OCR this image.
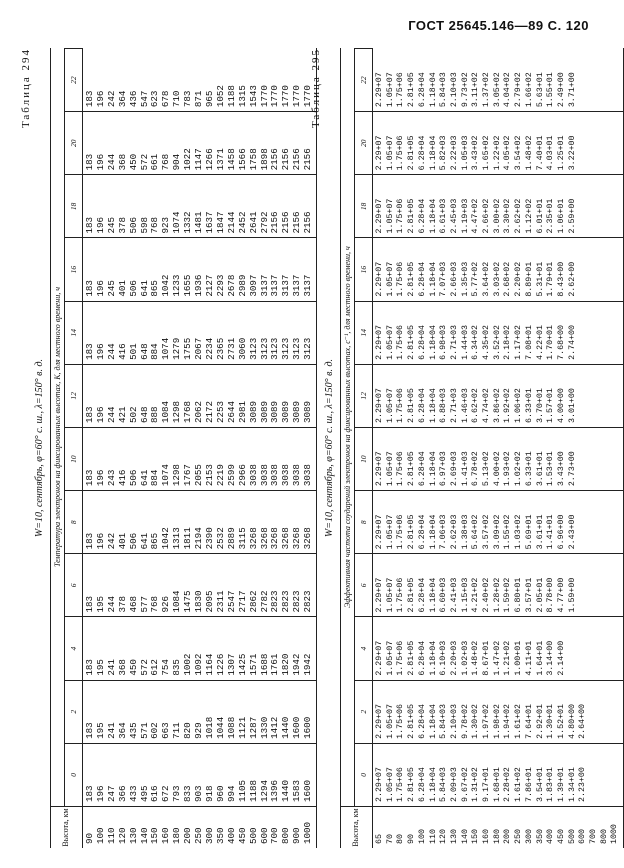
ГОСТ 25645.146—89 С. 120
Таблица 294
W=10, сентябрь, φ=60° с. ш., λ=150° в. д.
Высота, км
Температура электронов на фиксированных высотах, К, для местного времени, ч
0
2
4
6
8
10
12
14
16
18
20
22
90 100 110 120 130 140 150 160 180 200 250 300 350 400 450 500 600 700 800 900 1000
183 196 247 366 433 495 616 672 793 833 903 918 960 994 1105 1188 1294 1396 1440 1583 1600
183 195 241 364 435 571 602 663 711 820 929 1018 1044 1088 1121 1287 1330 1412 1440 1600 1600
183 195 241 368 450 572 612 754 835 1002 1092 1164 1226 1307 1425 1571 1688 1761 1820 1942 1942
183 195 244 378 468 577 768 926 1084 1475 1830 2095 2311 2547 2717 2862 2782 2823 2823 2823 2823
183 196 242 401 506 641 865 1042 1313 1811 2194 2390 2532 2889 3115 3268 3268 3268 3268 3268 3268
183 196 243 416 506 641 884 1074 1298 1767 2055 2153 2219 2599 2966 3038 3038 3038 3038 3038 3038
183 196 244 421 502 648 888 1084 1298 1768 2062 2172 2253 2644 2981 3089 3089 3089 3089 3089 3089
183 196 244 416 501 648 884 1074 1279 1755 2067 2234 2365 2731 3060 3123 3123 3123 3123 3123 3123
183 196 245 401 506 641 865 1042 1233 1655 1936 2127 2293 2678 2989 3097 3137 3137 3137 3137 3137
183 196 245 378 506 598 768 923 1074 1332 1481 1637 1847 2144 2452 2641 2792 2156 2156 2156 2156
183 196 244 368 450 572 661 768 904 1022 1147 1266 1371 1458 1566 1758 1898 2156 2156 2156 2156
183 196 242 364 436 547 623 678 710 783 871 965 1052 1188 1315 1543 1770 1770 1770 1770 1770
Таблица 295
W=10, сентябрь, φ=60° с. ш., λ=150° в. д.
Высота, км
Эффективная частота соударений электронов на фиксированных высотах, с⁻¹, для местного времени, ч
0
2
4
6
8
10
12
14
16
18
20
22
65 70 80 90 100 110 120 130 140 150 160 180 200 250 300 350 400 450 500 600 700 800 1000
2.29+07 1.05+07 1.75+06 2.81+05 6.28+04 1.18+04 5.84+03 2.09+03 9.67+02 1.31+02 9.17+01 1.68+01 2.28+02 1.61+02 7.86+01 3.54+01 1.83+01 1.39+01 1.34+01 2.23+00
2.29+07 1.05+07 1.75+06 2.81+05 6.28+04 1.18+04 5.84+03 2.10+03 9.78+02 1.30+02 1.97+02 1.98+02 1.94+02 1.61+02 7.64+01 2.92+01 1.30+01 1.52+01 4.80+00 2.64+00
2.29+07 1.05+07 1.75+06 2.81+05 6.28+04 1.18+04 6.10+03 2.20+03 1.02+03 1.48+02 8.67+01 1.47+02 1.21+02 1.00+01 4.11+01 1.64+01 3.14+00 2.14+00
2.29+07 1.05+07 1.75+06 2.81+05 6.28+04 1.18+04 6.60+03 2.41+03 1.15+03 4.21+02 2.40+02 1.28+02 1.59+02 6.80+01 3.57+01 2.05+01 8.78+00 4.77+00 1.59+00
2.29+07 1.05+07 1.75+06 2.81+05 6.28+04 1.18+04 7.06+03 2.62+03 1.38+03 5.64+02 3.57+02 3.09+02 1.55+02 1.03+02 5.69+01 3.61+01 1.41+01 6.96+00 2.43+00
2.29+07 1.05+07 1.75+06 2.81+05 6.28+04 1.18+04 6.97+03 2.69+03 1.41+03 6.78+02 5.13+02 4.00+02 1.93+02 1.02+02 6.33+01 3.61+01 1.53+01 3.43+00 2.73+00
2.29+07 1.05+07 1.75+06 2.81+05 6.28+04 1.18+04 6.88+03 2.71+03 1.46+03 6.62+02 4.74+02 3.86+02 1.92+02 1.06+02 6.33+01 3.70+01 1.57+01 4.00+00 3.01+00
2.29+07 1.05+07 1.75+06 2.81+05 6.28+04 1.18+04 6.98+03 2.71+03 1.44+03 6.34+02 4.35+02 3.52+02 2.18+02 1.17+02 7.08+01 4.22+01 1.70+01 7.68+00 2.74+00
2.29+07 1.05+07 1.75+06 2.81+05 6.28+04 1.18+04 7.07+03 2.66+03 1.35+03 5.77+02 3.64+02 3.03+02 2.68+02 2.20+02 8.89+01 5.31+01 1.79+01 8.43+00 2.62+00
2.29+07 1.05+07 1.75+06 2.81+05 6.28+04 1.18+04 6.61+03 2.45+03 1.19+03 4.47+02 2.66+02 3.00+02 3.30+02 2.62+02 1.12+02 6.01+01 2.35+01 1.06+01 2.59+00
2.29+07 1.05+07 1.75+06 2.81+05 6.28+04 1.18+04 5.82+03 2.22+03 1.05+03 3.43+02 1.65+02 1.22+02 4.05+02 3.54+02 1.48+02 7.40+01 4.03+01 1.25+01 3.22+00
2.29+07 1.05+07 1.75+06 2.81+05 6.28+04 1.18+04 5.84+03 2.10+03 9.73+02 3.11+02 1.37+02 3.05+02 4.04+02 2.79+02 1.66+02 5.63+01 1.55+01 2.49+00 3.71+00
